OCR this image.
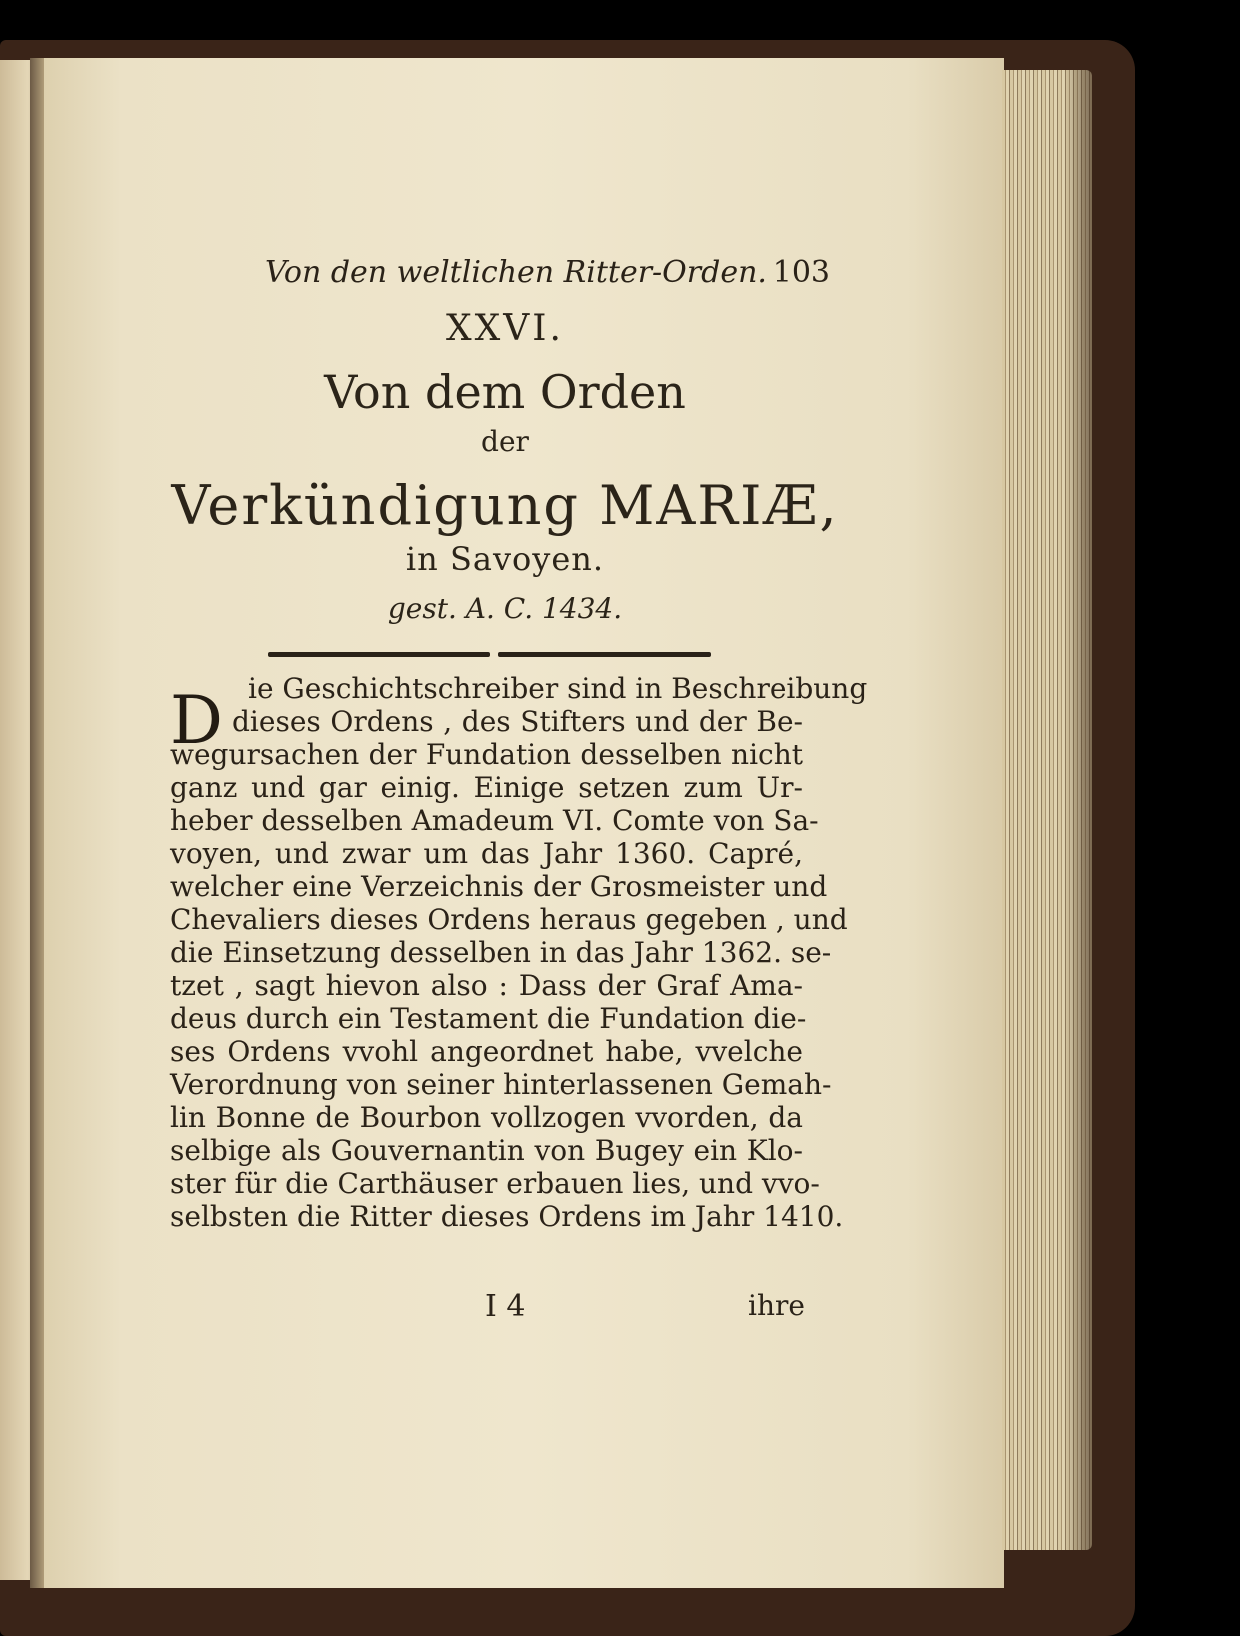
Von den weltlichen Ritter-Orden. 103
XXVI.
Von dem Orden
der
Verkündigung MARIÆ,
in Savoyen.
gest. A. C. 1434.
D ie Geschichtschreiber sind in Beschreibung
dieses Ordens , des Stifters und der Be-
wegursachen der Fundation desselben nicht
ganz und gar einig. Einige setzen zum Ur-
heber desselben Amadeum VI. Comte von Sa-
voyen, und zwar um das Jahr 1360. Capré,
welcher eine Verzeichnis der Grosmeister und
Chevaliers dieses Ordens heraus gegeben , und
die Einsetzung desselben in das Jahr 1362. se-
tzet , sagt hievon also : Dass der Graf Ama-
deus durch ein Testament die Fundation die-
ses Ordens vvohl angeordnet habe, vvelche
Verordnung von seiner hinterlassenen Gemah-
lin Bonne de Bourbon vollzogen vvorden, da
selbige als Gouvernantin von Bugey ein Klo-
ster für die Carthäuser erbauen lies, und vvo-
selbsten die Ritter dieses Ordens im Jahr 1410.
I 4	ihre
